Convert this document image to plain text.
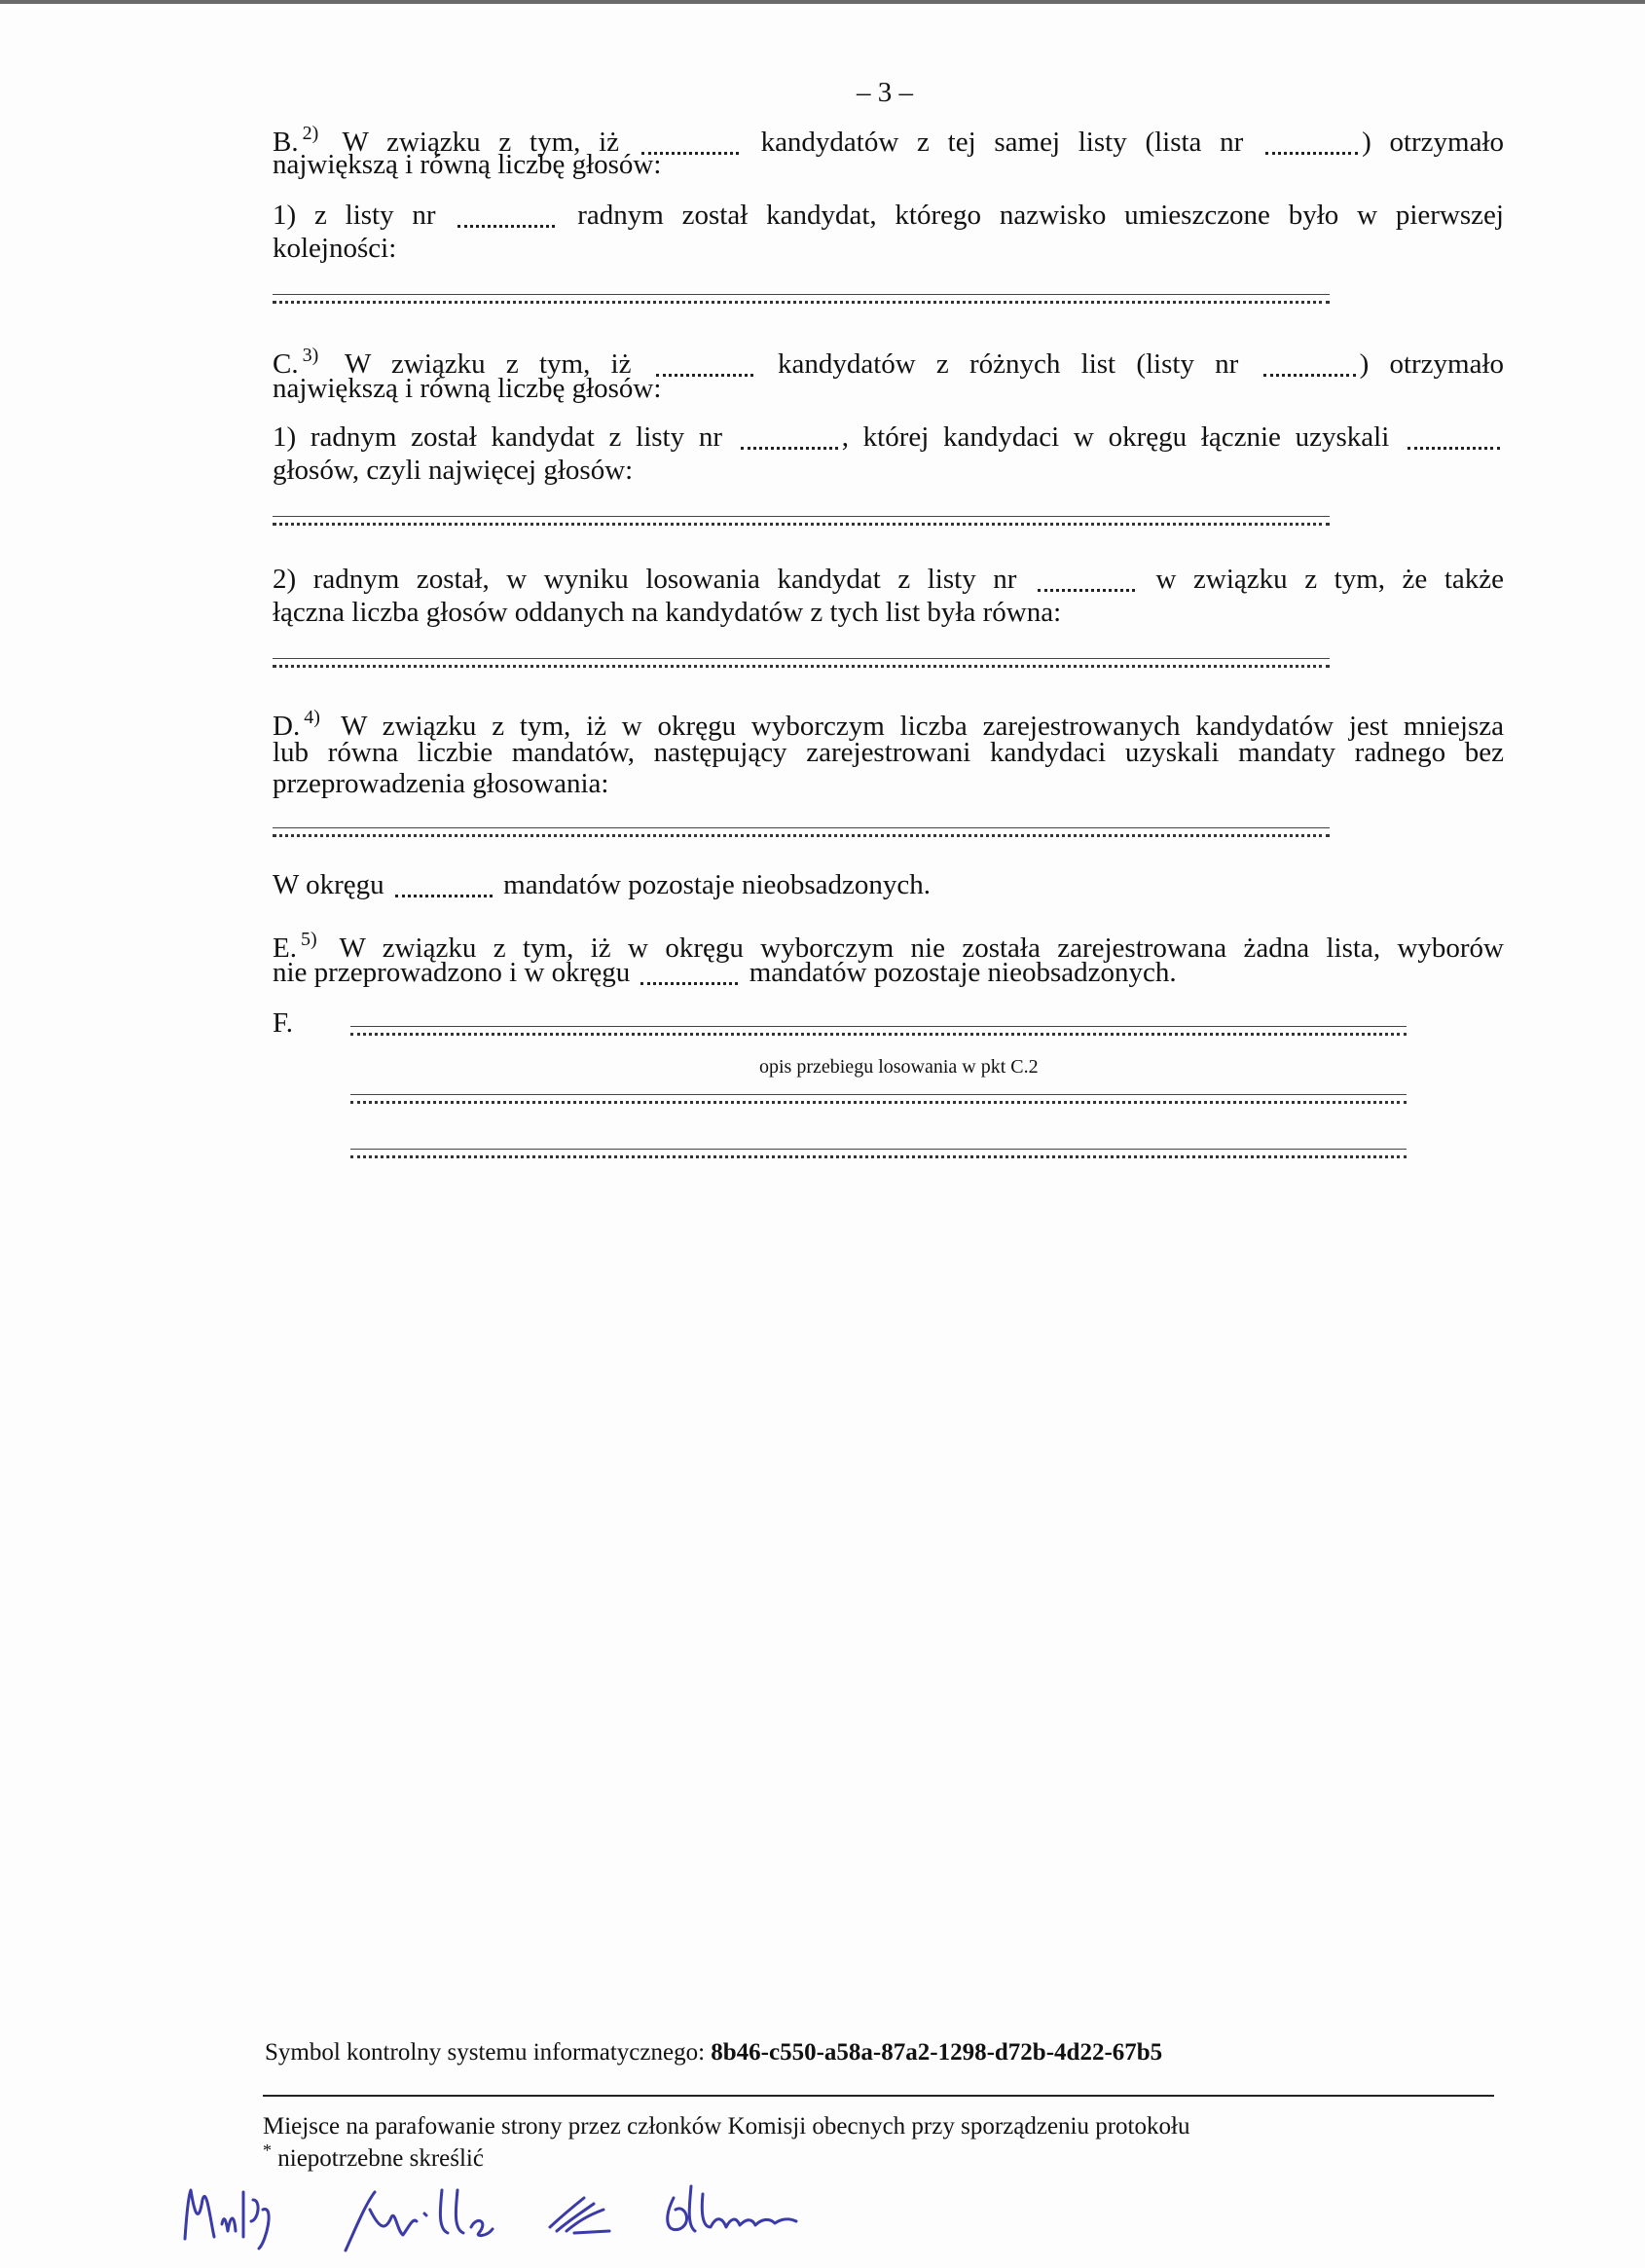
– 3 –
B. $^{2)}$ W związku z tym, iż	kandydatów z tej samej listy (lista nr	) otrzymało
największą i równą liczbę głosów:
1) z listy nr	radnym został kandydat, którego nazwisko umieszczone było w pierwszej
kolejności:
C. $^{3)}$ W związku z tym, iż	kandydatów z różnych list (listy nr	) otrzymało
największą i równą liczbę głosów:
1) radnym został kandydat z listy nr	, której kandydaci w okręgu łącznie uzyskali
głosów, czyli najwięcej głosów:
2) radnym został, w wyniku losowania kandydat z listy nr	w związku z tym, że także
łączna liczba głosów oddanych na kandydatów z tych list była równa:
D. $^{4)}$ W związku z tym, iż w okręgu wyborczym liczba zarejestrowanych kandydatów jest mniejsza
lub równa liczbie mandatów, następujący zarejestrowani kandydaci uzyskali mandaty radnego bez
przeprowadzenia głosowania:
W okręgu	mandatów pozostaje nieobsadzonych.
E. $^{5)}$ W związku z tym, iż w okręgu wyborczym nie została zarejestrowana żadna lista, wyborów
nie przeprowadzono i w okręgu	mandatów pozostaje nieobsadzonych.
F.
opis przebiegu losowania w pkt C.2
Symbol kontrolny systemu informatycznego: 8b46-c550-a58a-87a2-1298-d72b-4d22-67b5
Miejsce na parafowanie strony przez członków Komisji obecnych przy sporządzeniu protokołu
* niepotrzebne skreślić
